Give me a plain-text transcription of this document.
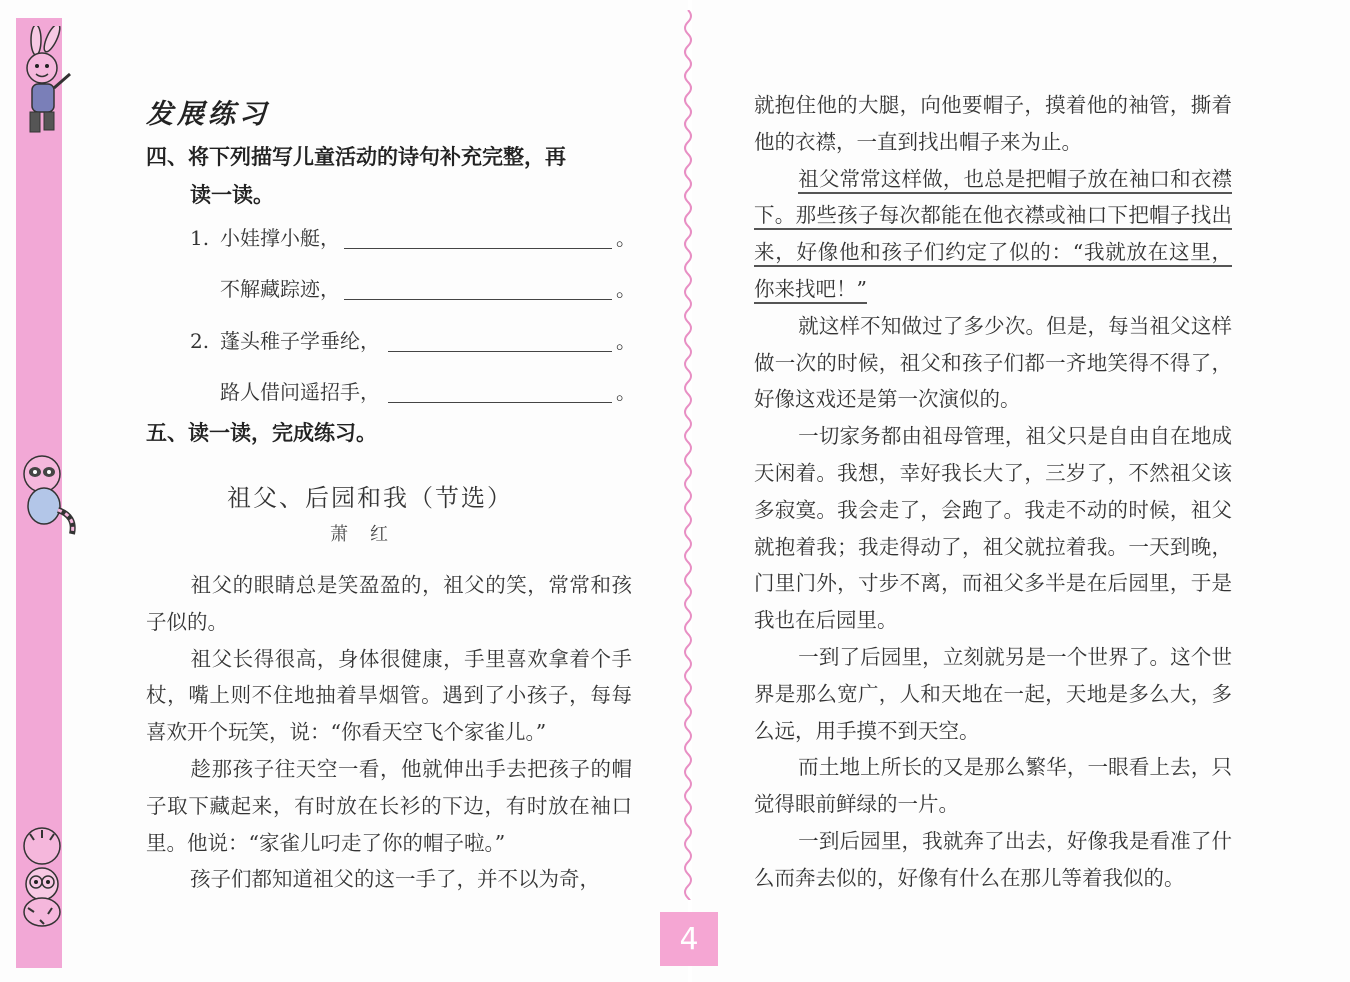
发展练习
四、将下列描写儿童活动的诗句补充完整，再
读一读。
1. 小娃撑小艇，	。
不解藏踪迹，	。
2. 蓬头稚子学垂纶，	。
路人借问遥招手，	。
五、读一读，完成练习。
祖父、后园和我（节选）
萧红

祖父的眼睛总是笑盈盈的，祖父的笑，常常和孩子似的。

祖父长得很高，身体很健康，手里喜欢拿着个手杖，嘴上则不住地抽着旱烟管。遇到了小孩子，每每喜欢开个玩笑，说：“你看天空飞个家雀儿。”

趁那孩子往天空一看，他就伸出手去把孩子的帽子取下藏起来，有时放在长衫的下边，有时放在袖口里。他说：“家雀儿叼走了你的帽子啦。”

孩子们都知道祖父的这一手了，并不以为奇，

就抱住他的大腿，向他要帽子，摸着他的袖管，撕着他的衣襟，一直到找出帽子来为止。

祖父常常这样做，也总是把帽子放在袖口和衣襟下。那些孩子每次都能在他衣襟或袖口下把帽子找出来，好像他和孩子们约定了似的：“我就放在这里，你来找吧！”

就这样不知做过了多少次。但是，每当祖父这样做一次的时候，祖父和孩子们都一齐地笑得不得了，好像这戏还是第一次演似的。

一切家务都由祖母管理，祖父只是自由自在地成天闲着。我想，幸好我长大了，三岁了，不然祖父该多寂寞。我会走了，会跑了。我走不动的时候，祖父就抱着我；我走得动了，祖父就拉着我。一天到晚，门里门外，寸步不离，而祖父多半是在后园里，于是我也在后园里。

一到了后园里，立刻就另是一个世界了。这个世界是那么宽广，人和天地在一起，天地是多么大，多么远，用手摸不到天空。

而土地上所长的又是那么繁华，一眼看上去，只觉得眼前鲜绿的一片。

一到后园里，我就奔了出去，好像我是看准了什么而奔去似的，好像有什么在那儿等着我似的。

4
